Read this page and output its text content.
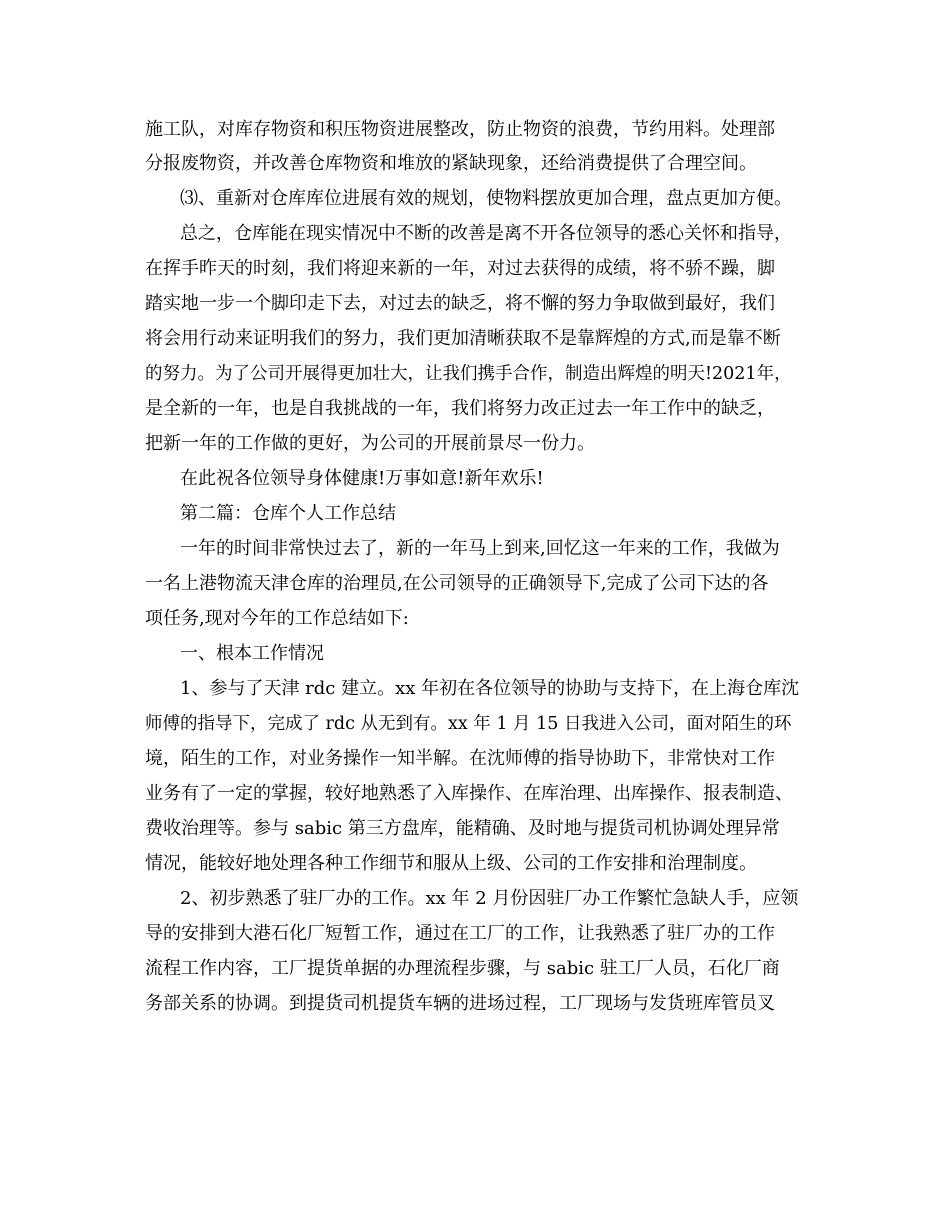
施工队，对库存物资和积压物资进展整改，防止物资的浪费，节约用料。处理部
分报废物资，并改善仓库物资和堆放的紧缺现象，还给消费提供了合理空间。
⑶、重新对仓库库位进展有效的规划，使物料摆放更加合理，盘点更加方便。
总之，仓库能在现实情况中不断的改善是离不开各位领导的悉心关怀和指导，
在挥手昨天的时刻，我们将迎来新的一年，对过去获得的成绩，将不骄不躁，脚
踏实地一步一个脚印走下去，对过去的缺乏，将不懈的努力争取做到最好，我们
将会用行动来证明我们的努力，我们更加清晰获取不是靠辉煌的方式,而是靠不断
的努力。为了公司开展得更加壮大，让我们携手合作，制造出辉煌的明天!2021年，
是全新的一年，也是自我挑战的一年，我们将努力改正过去一年工作中的缺乏，
把新一年的工作做的更好，为公司的开展前景尽一份力。
在此祝各位领导身体健康!万事如意!新年欢乐!
第二篇：仓库个人工作总结
一年的时间非常快过去了，新的一年马上到来,回忆这一年来的工作，我做为
一名上港物流天津仓库的治理员,在公司领导的正确领导下,完成了公司下达的各
项任务,现对今年的工作总结如下:
一、根本工作情况
1、参与了天津 rdc 建立。xx 年初在各位领导的协助与支持下，在上海仓库沈
师傅的指导下，完成了 rdc 从无到有。xx 年 1 月 15 日我进入公司，面对陌生的环
境，陌生的工作，对业务操作一知半解。在沈师傅的指导协助下，非常快对工作
业务有了一定的掌握，较好地熟悉了入库操作、在库治理、出库操作、报表制造、
费收治理等。参与 sabic 第三方盘库，能精确、及时地与提货司机协调处理异常
情况，能较好地处理各种工作细节和服从上级、公司的工作安排和治理制度。
2、初步熟悉了驻厂办的工作。xx 年 2 月份因驻厂办工作繁忙急缺人手，应领
导的安排到大港石化厂短暂工作，通过在工厂的工作，让我熟悉了驻厂办的工作
流程工作内容，工厂提货单据的办理流程步骤，与 sabic 驻工厂人员，石化厂商
务部关系的协调。到提货司机提货车辆的进场过程，工厂现场与发货班库管员叉
